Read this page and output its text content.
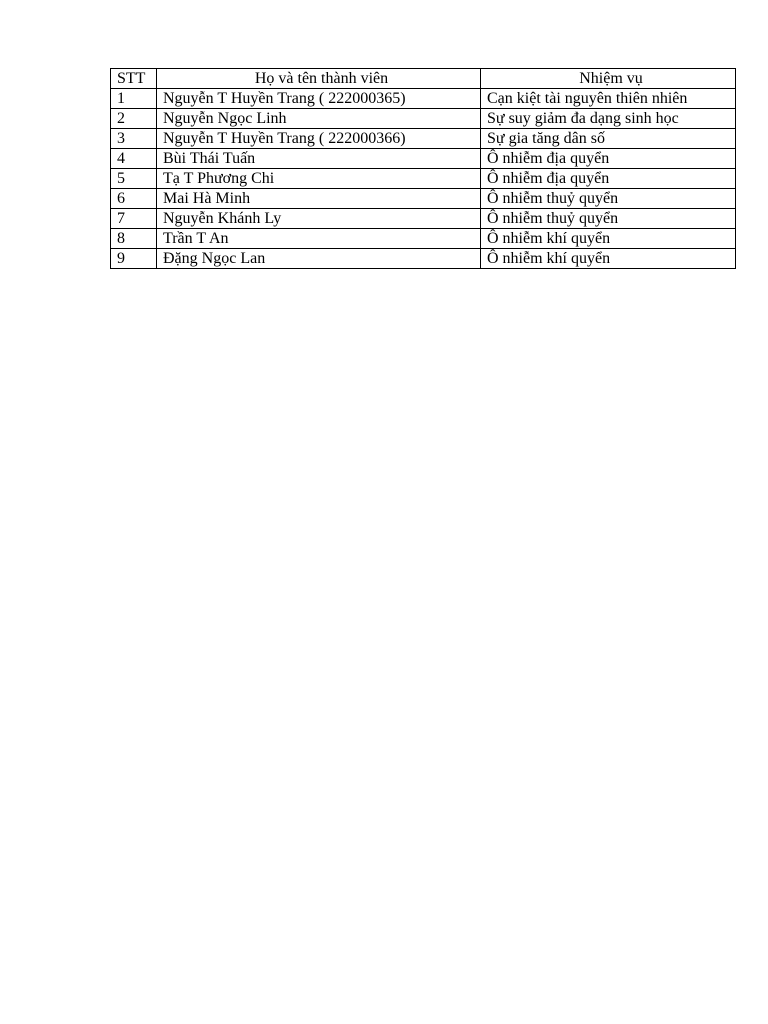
STT	Họ và tên thành viên	Nhiệm vụ
1	Nguyễn T Huyền Trang ( 222000365)	Cạn kiệt tài nguyên thiên nhiên
2	Nguyễn Ngọc Linh	Sự suy giảm đa dạng sinh học
3	Nguyễn T Huyền Trang ( 222000366)	Sự gia tăng dân số
4	Bùi Thái Tuấn	Ô nhiễm địa quyển
5	Tạ T Phương Chi	Ô nhiễm địa quyển
6	Mai Hà Minh	Ô nhiễm thuỷ quyển
7	Nguyễn Khánh Ly	Ô nhiễm thuỷ quyển
8	Trần T An	Ô nhiễm khí quyển
9	Đặng Ngọc Lan	Ô nhiễm khí quyển
